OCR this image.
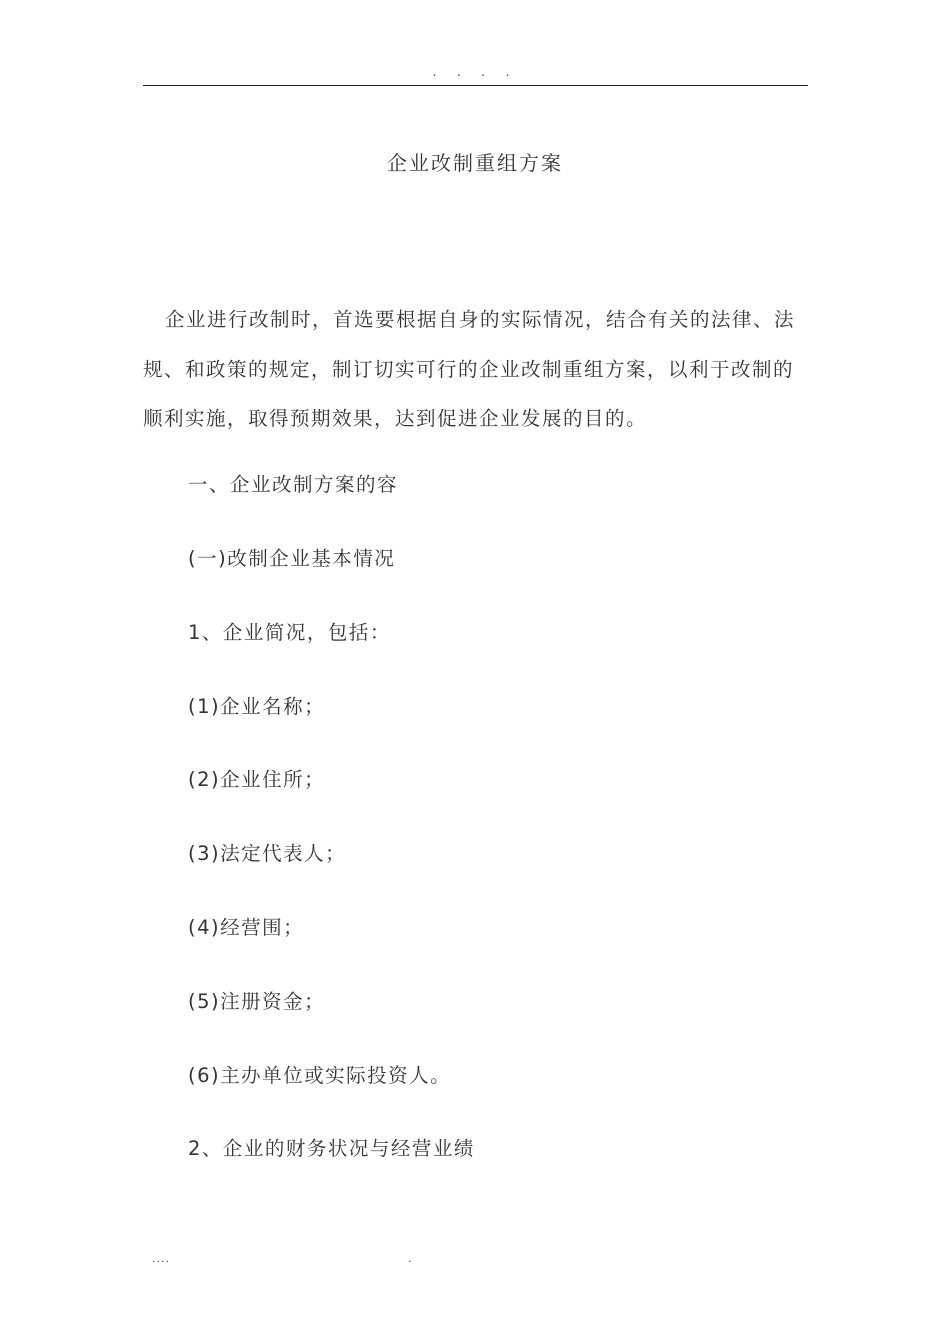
. . . .
企业改制重组方案

企业进行改制时，首选要根据自身的实际情况，结合有关的法律、法规、和政策的规定，制订切实可行的企业改制重组方案，以利于改制的顺利实施，取得预期效果，达到促进企业发展的目的。

一、企业改制方案的容

(一)改制企业基本情况

1、企业简况，包括：

(1)企业名称；

(2)企业住所；

(3)法定代表人；

(4)经营围；

(5)注册资金；

(6)主办单位或实际投资人。

2、企业的财务状况与经营业绩

....	.
